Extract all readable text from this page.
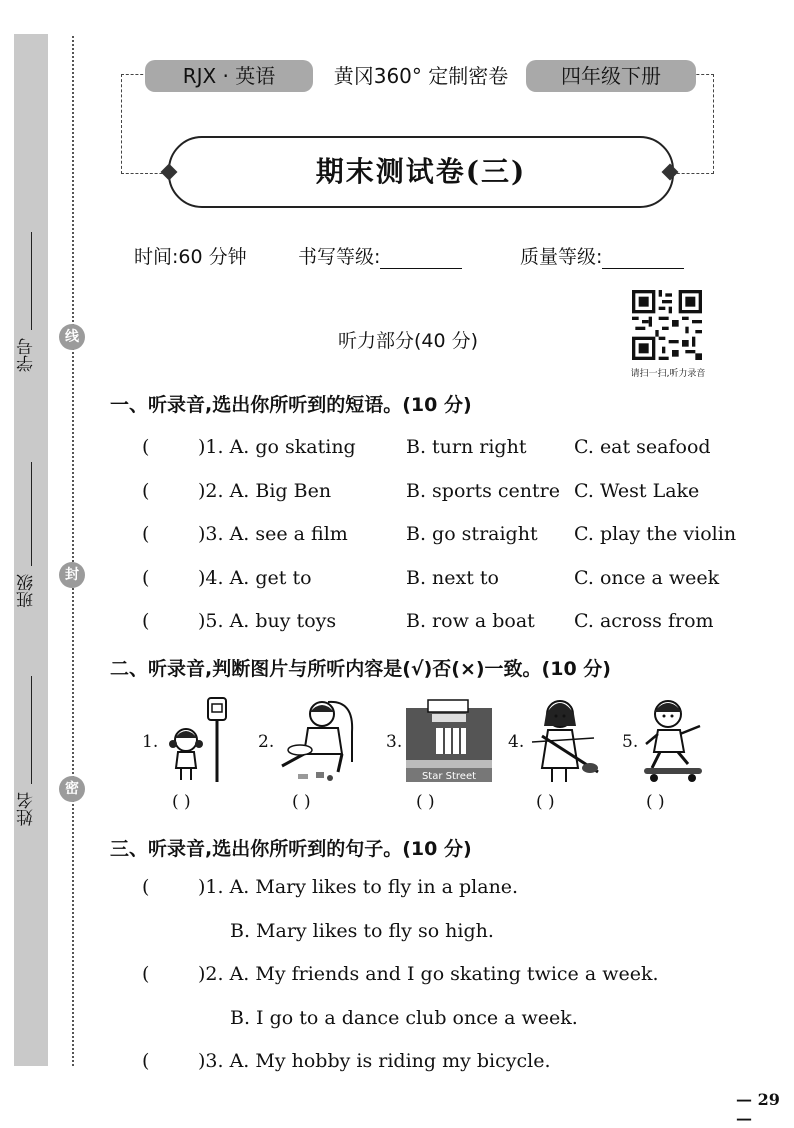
学号
班级
姓名
线
封
密
RJX · 英语	黄冈360° 定制密卷	四年级下册
期末测试卷(三)
时间:60 分钟	书写等级:	质量等级:
请扫一扫,听力录音
听力部分(40 分)
一、听录音,选出你所听到的短语。(10 分)
(	)1. A. go skating	B. turn right	C. eat seafood
(	)2. A. Big Ben	B. sports centre C. West Lake
(	)3. A. see a film	B. go straight C. play the violin
(	)4. A. get to	B. next to	C. once a week
(	)5. A. buy toys	B. row a boat C. across from
二、听录音,判断图片与所听内容是(√)否(×)一致。(10 分)
1.
( )
2.
( )
3.
Star Street
( )
4.
( )
5.
( )
三、听录音,选出你所听到的句子。(10 分)
(	)1. A. Mary likes to fly in a plane.
B. Mary likes to fly so high.
(	)2. A. My friends and I go skating twice a week.
B. I go to a dance club once a week.
(	)3. A. My hobby is riding my bicycle.
— 29 —
